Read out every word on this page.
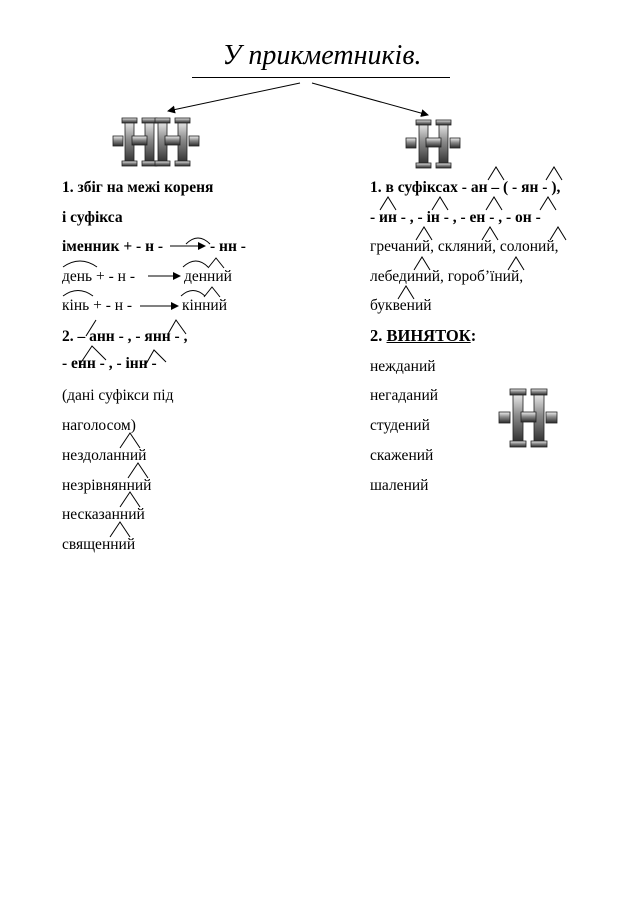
У прикметників.
1. збіг на межі кореня
і суфікса
іменник + - н -	- нн -
день + - н -	денний
кінь + - н -	кінний
2. – анн - , - янн - ,
- енн - , - інн -
(дані суфікси під
наголосом)
нездоланний
незрівнянний
несказанний
священний
1. в суфіксах - ан – ( - ян - ),
- ин - , - ін - , - ен - , - он -
гречаний, скляний, солоний,
лебединий, гороб’їний,
буквений
2. ВИНЯТОК:
нежданий
негаданий
студений
скажений
шалений
